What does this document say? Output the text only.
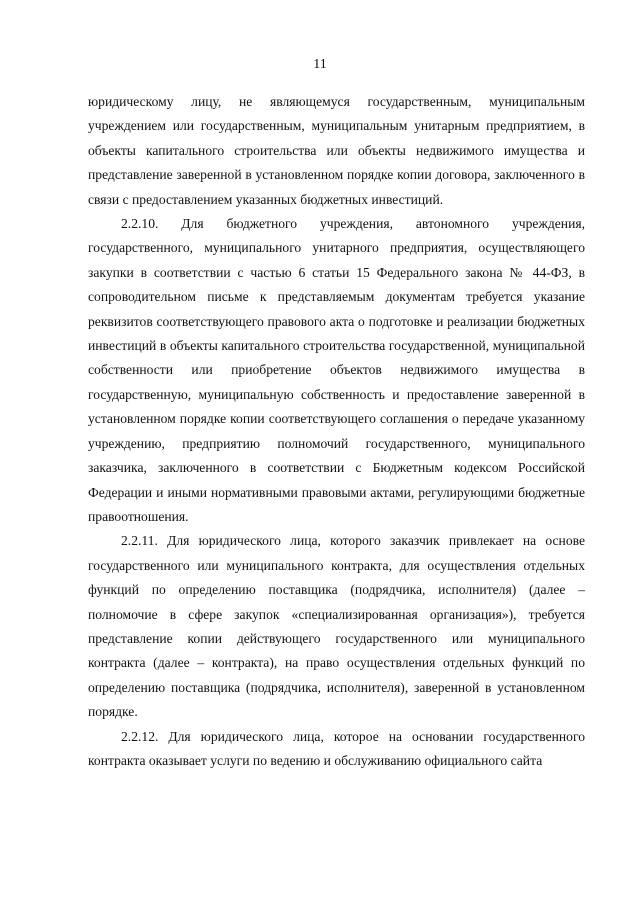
11

юридическому лицу, не являющемуся государственным, муниципальным учреждением или государственным, муниципальным унитарным предприятием, в объекты капитального строительства или объекты недвижимого имущества и представление заверенной в установленном порядке копии договора, заключенного в связи с предоставлением указанных бюджетных инвестиций.

2.2.10. Для бюджетного учреждения, автономного учреждения, государственного, муниципального унитарного предприятия, осуществляющего закупки в соответствии с частью 6 статьи 15 Федерального закона № 44-ФЗ, в сопроводительном письме к представляемым документам требуется указание реквизитов соответствующего правового акта о подготовке и реализации бюджетных инвестиций в объекты капитального строительства государственной, муниципальной собственности или приобретение объектов недвижимого имущества в государственную, муниципальную собственность и предоставление заверенной в установленном порядке копии соответствующего соглашения о передаче указанному учреждению, предприятию полномочий государственного, муниципального заказчика, заключенного в соответствии с Бюджетным кодексом Российской Федерации и иными нормативными правовыми актами, регулирующими бюджетные правоотношения.

2.2.11. Для юридического лица, которого заказчик привлекает на основе государственного или муниципального контракта, для осуществления отдельных функций по определению поставщика (подрядчика, исполнителя) (далее – полномочие в сфере закупок «специализированная организация»), требуется представление копии действующего государственного или муниципального контракта (далее – контракта), на право осуществления отдельных функций по определению поставщика (подрядчика, исполнителя), заверенной в установленном порядке.

2.2.12. Для юридического лица, которое на основании государственного контракта оказывает услуги по ведению и обслуживанию официального сайта
